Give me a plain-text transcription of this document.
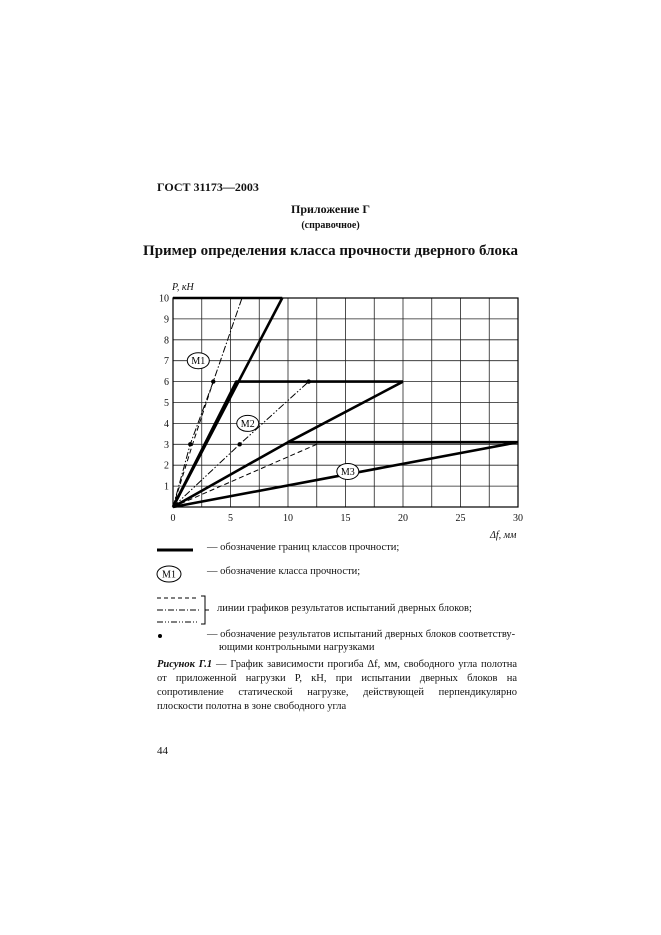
ГОСТ 31173—2003
Приложение Г
(справочное)
Пример определения класса прочности дверного блока
M1
M2
M3
0	5	10	15	20	25	30
1
2
3
4
5
6
7
8
9
10
P, кН
Δf, мм
— обозначение границ классов прочности;
М1	— обозначение класса прочности;
линии графиков результатов испытаний дверных блоков;
— обозначение результатов испытаний дверных блоков соответству-
ющими контрольными нагрузками
Рисунок Г.1 — График зависимости прогиба Δf, мм, свободного угла полотна от приложенной нагрузки Р, кН, при испытании дверных блоков на сопротивление статической нагрузке, действующей перпендикулярно плоскости полотна в зоне свободного угла
44
